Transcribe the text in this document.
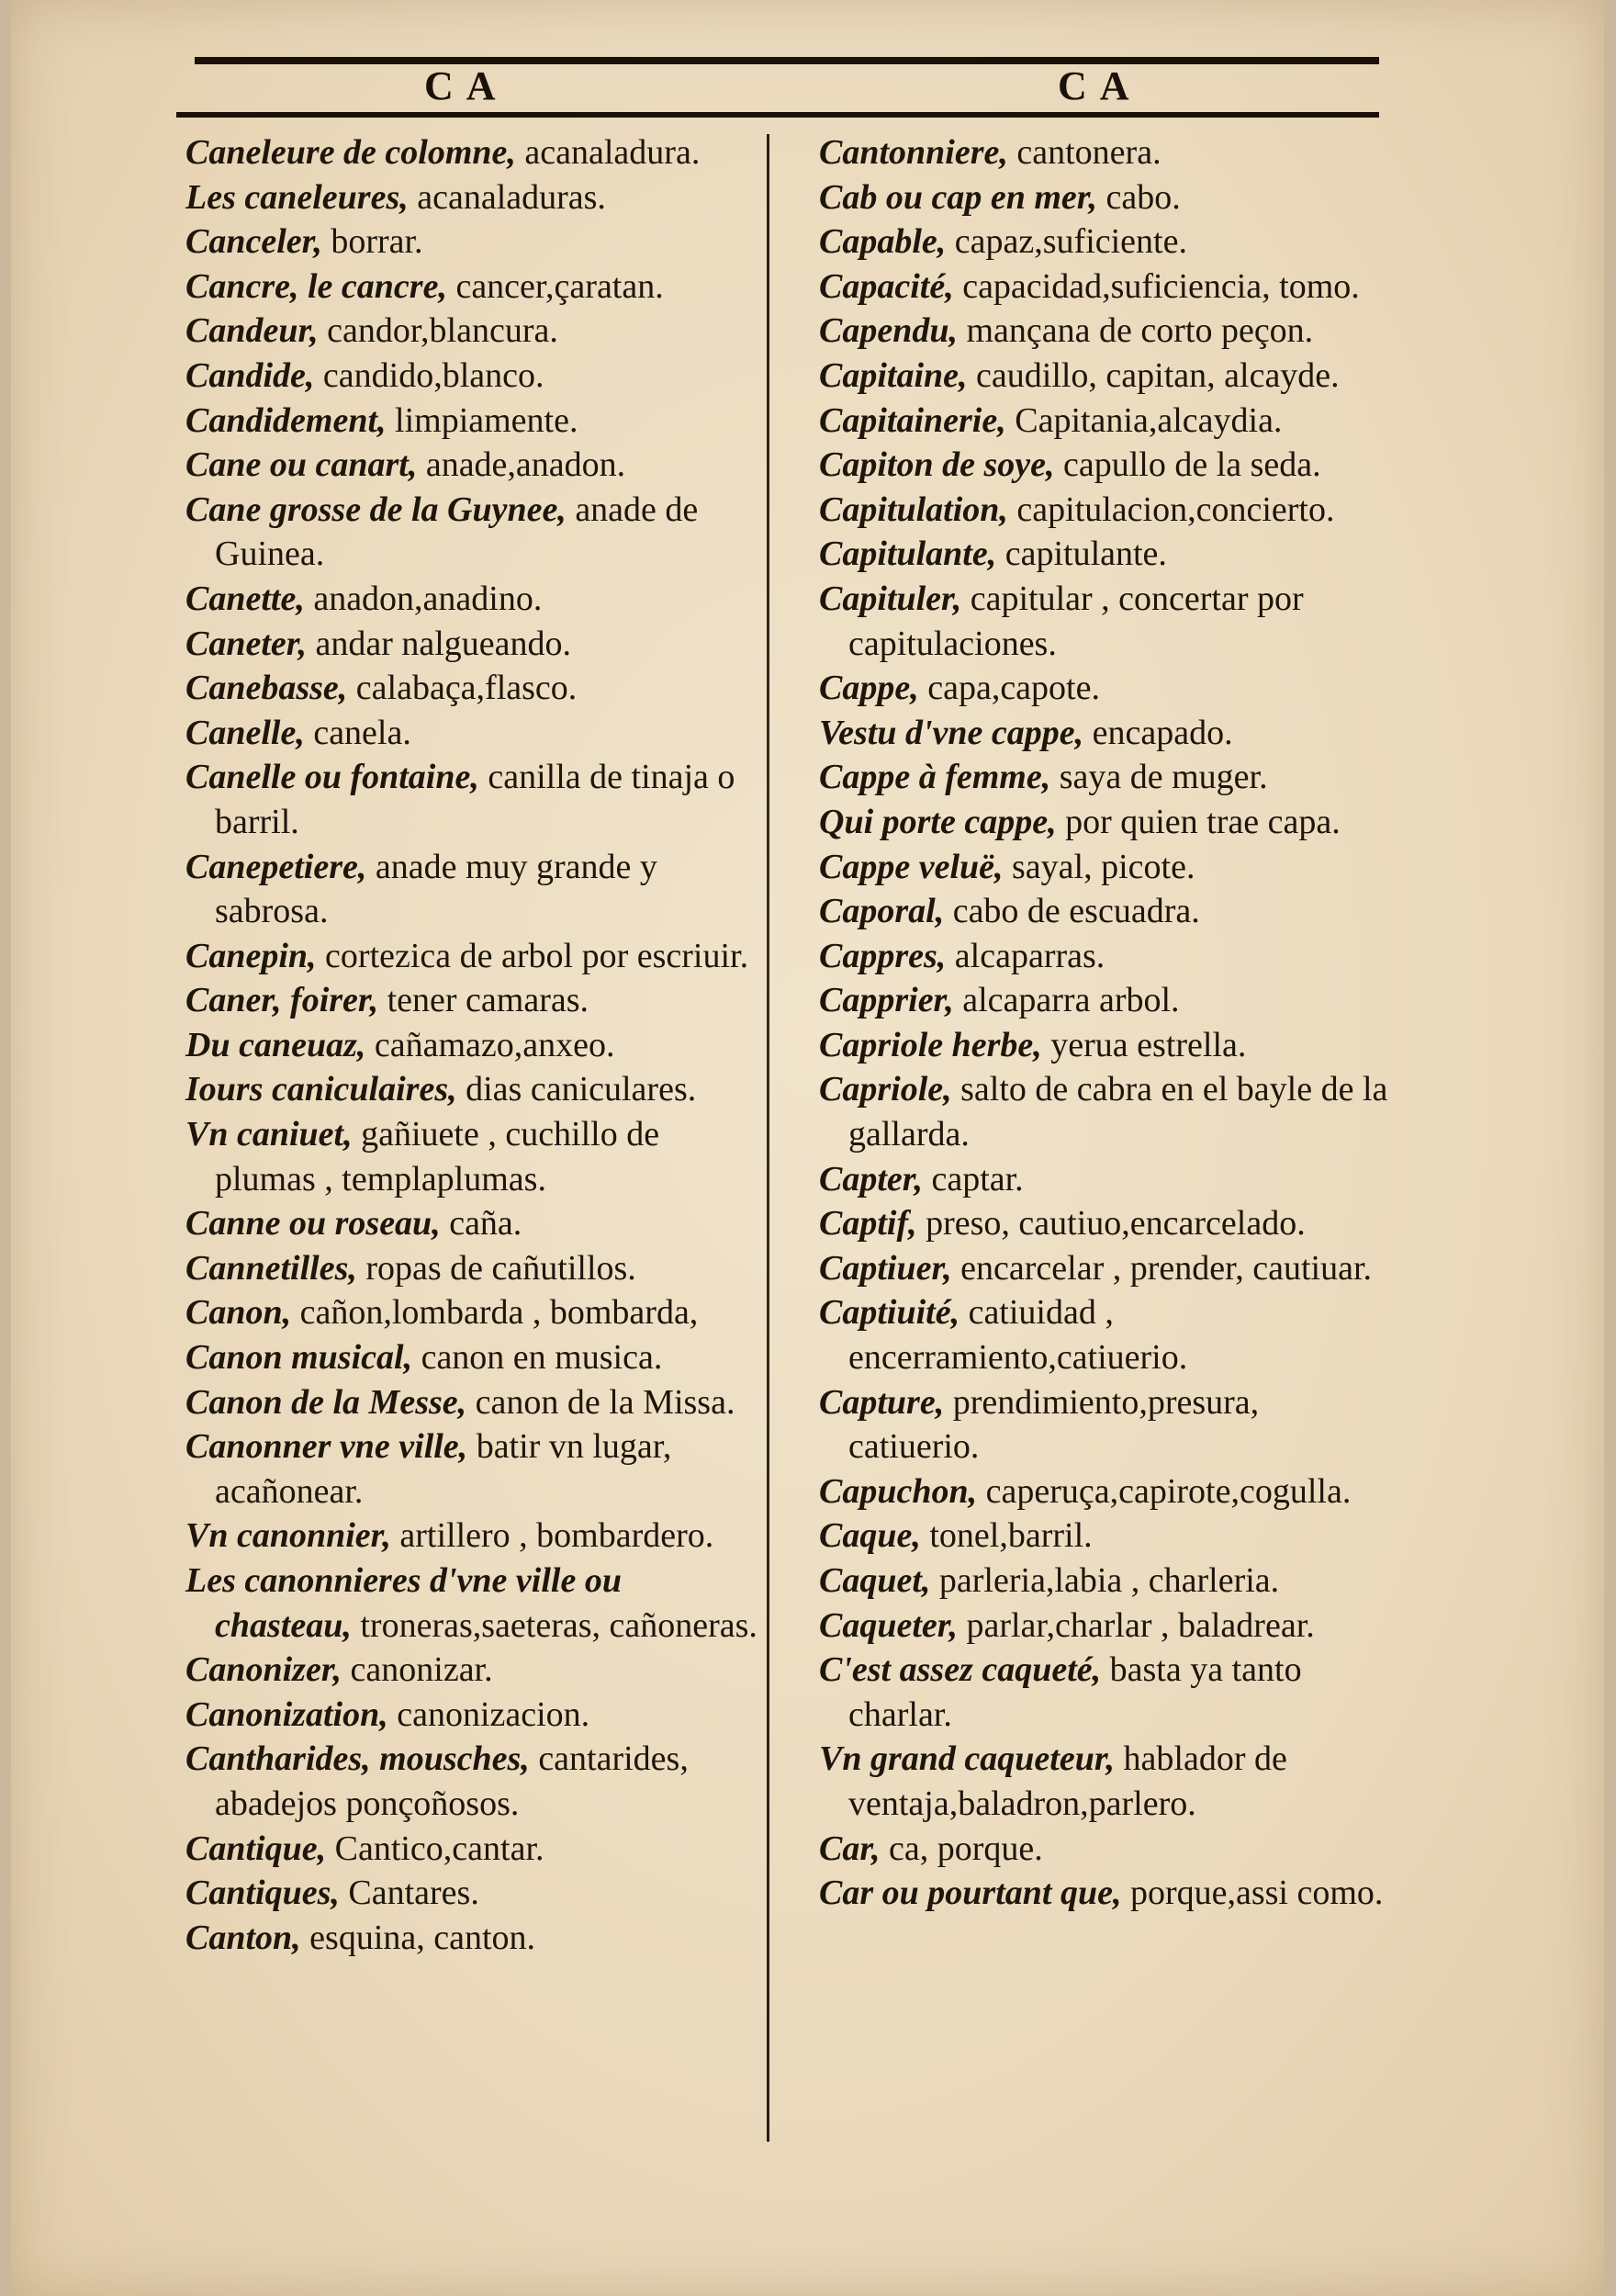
CA	CA
Caneleure de colomne, acanaladura.
Les caneleures, acanaladuras.
Canceler, borrar.
Cancre, le cancre, cancer,çaratan.
Candeur, candor,blancura.
Candide, candido,blanco.
Candidement, limpiamente.
Cane ou canart, anade,anadon.
Cane grosse de la Guynee, anade de Guinea.
Canette, anadon,anadino.
Caneter, andar nalgueando.
Canebasse, calabaça,flasco.
Canelle, canela.
Canelle ou fontaine, canilla de tinaja o barril.
Canepetiere, anade muy grande y sabrosa.
Canepin, cortezica de arbol por escriuir.
Caner, foirer, tener camaras.
Du caneuaz, cañamazo,anxeo.
Iours caniculaires, dias caniculares.
Vn caniuet, gañiuete , cuchillo de plumas , templaplumas.
Canne ou roseau, caña.
Cannetilles, ropas de cañutillos.
Canon, cañon,lombarda , bombarda,
Canon musical, canon en musica.
Canon de la Messe, canon de la Missa.
Canonner vne ville, batir vn lugar, acañonear.
Vn canonnier, artillero , bombardero.
Les canonnieres d'vne ville ou chasteau, troneras,saeteras, cañoneras.
Canonizer, canonizar.
Canonization, canonizacion.
Cantharides, mousches, cantarides, abadejos ponçoñosos.
Cantique, Cantico,cantar.
Cantiques, Cantares.
Canton, esquina, canton.
Cantonniere, cantonera.
Cab ou cap en mer, cabo.
Capable, capaz,suficiente.
Capacité, capacidad,suficiencia, tomo.
Capendu, mançana de corto peçon.
Capitaine, caudillo, capitan, alcayde.
Capitainerie, Capitania,alcaydia.
Capiton de soye, capullo de la seda.
Capitulation, capitulacion,concierto.
Capitulante, capitulante.
Capituler, capitular , concertar por capitulaciones.
Cappe, capa,capote.
Vestu d'vne cappe, encapado.
Cappe à femme, saya de muger.
Qui porte cappe, por quien trae capa.
Cappe veluë, sayal, picote.
Caporal, cabo de escuadra.
Cappres, alcaparras.
Capprier, alcaparra arbol.
Capriole herbe, yerua estrella.
Capriole, salto de cabra en el bayle de la gallarda.
Capter, captar.
Captif, preso, cautiuo,encarcelado.
Captiuer, encarcelar , prender, cautiuar.
Captiuité, catiuidad , encerramiento,catiuerio.
Capture, prendimiento,presura, catiuerio.
Capuchon, caperuça,capirote,cogulla.
Caque, tonel,barril.
Caquet, parleria,labia , charleria.
Caqueter, parlar,charlar , baladrear.
C'est assez caqueté, basta ya tanto charlar.
Vn grand caqueteur, hablador de ventaja,baladron,parlero.
Car, ca, porque.
Car ou pourtant que, porque,assi como.
